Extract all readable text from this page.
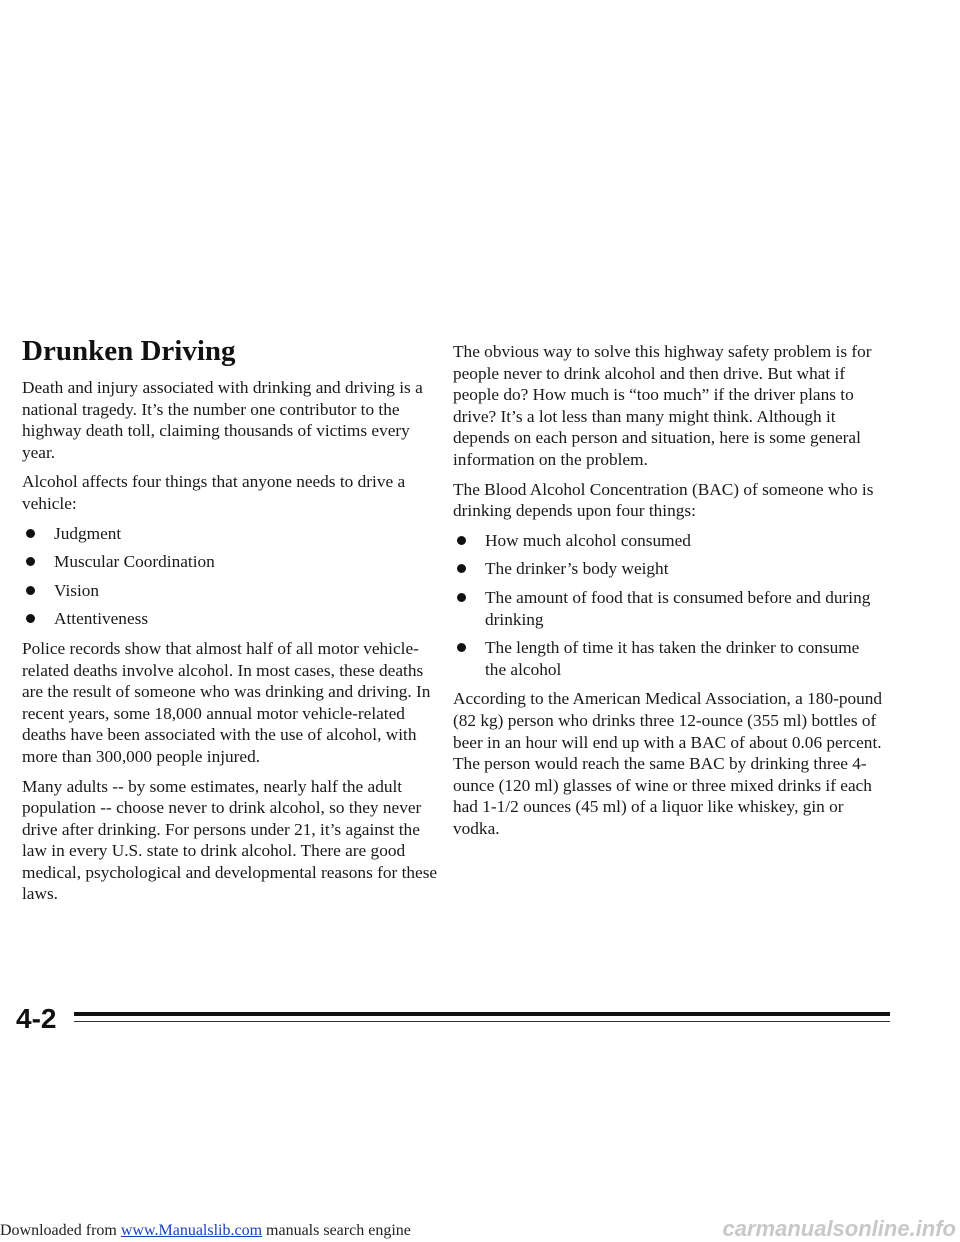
Drunken Driving

Death and injury associated with drinking and driving is a national tragedy. It’s the number one contributor to the highway death toll, claiming thousands of victims every year.

Alcohol affects four things that anyone needs to drive a vehicle:

Judgment
Muscular Coordination
Vision
Attentiveness

Police records show that almost half of all motor vehicle-related deaths involve alcohol. In most cases, these deaths are the result of someone who was drinking and driving. In recent years, some 18,000 annual motor vehicle-related deaths have been associated with the use of alcohol, with more than 300,000 people injured.

Many adults -- by some estimates, nearly half the adult population -- choose never to drink alcohol, so they never drive after drinking. For persons under 21, it’s against the law in every U.S. state to drink alcohol. There are good medical, psychological and developmental reasons for these laws.

The obvious way to solve this highway safety problem is for people never to drink alcohol and then drive. But what if people do? How much is “too much” if the driver plans to drive? It’s a lot less than many might think. Although it depends on each person and situation, here is some general information on the problem.

The Blood Alcohol Concentration (BAC) of someone who is drinking depends upon four things:

How much alcohol consumed
The drinker’s body weight
The amount of food that is consumed before and during drinking
The length of time it has taken the drinker to consume the alcohol

According to the American Medical Association, a 180-pound (82 kg) person who drinks three 12-ounce (355 ml) bottles of beer in an hour will end up with a BAC of about 0.06 percent. The person would reach the same BAC by drinking three 4-ounce (120 ml) glasses of wine or three mixed drinks if each had 1-1/2 ounces (45 ml) of a liquor like whiskey, gin or vodka.

4-2
Downloaded from www.Manualslib.com manuals search engine	carmanualsonline.info
